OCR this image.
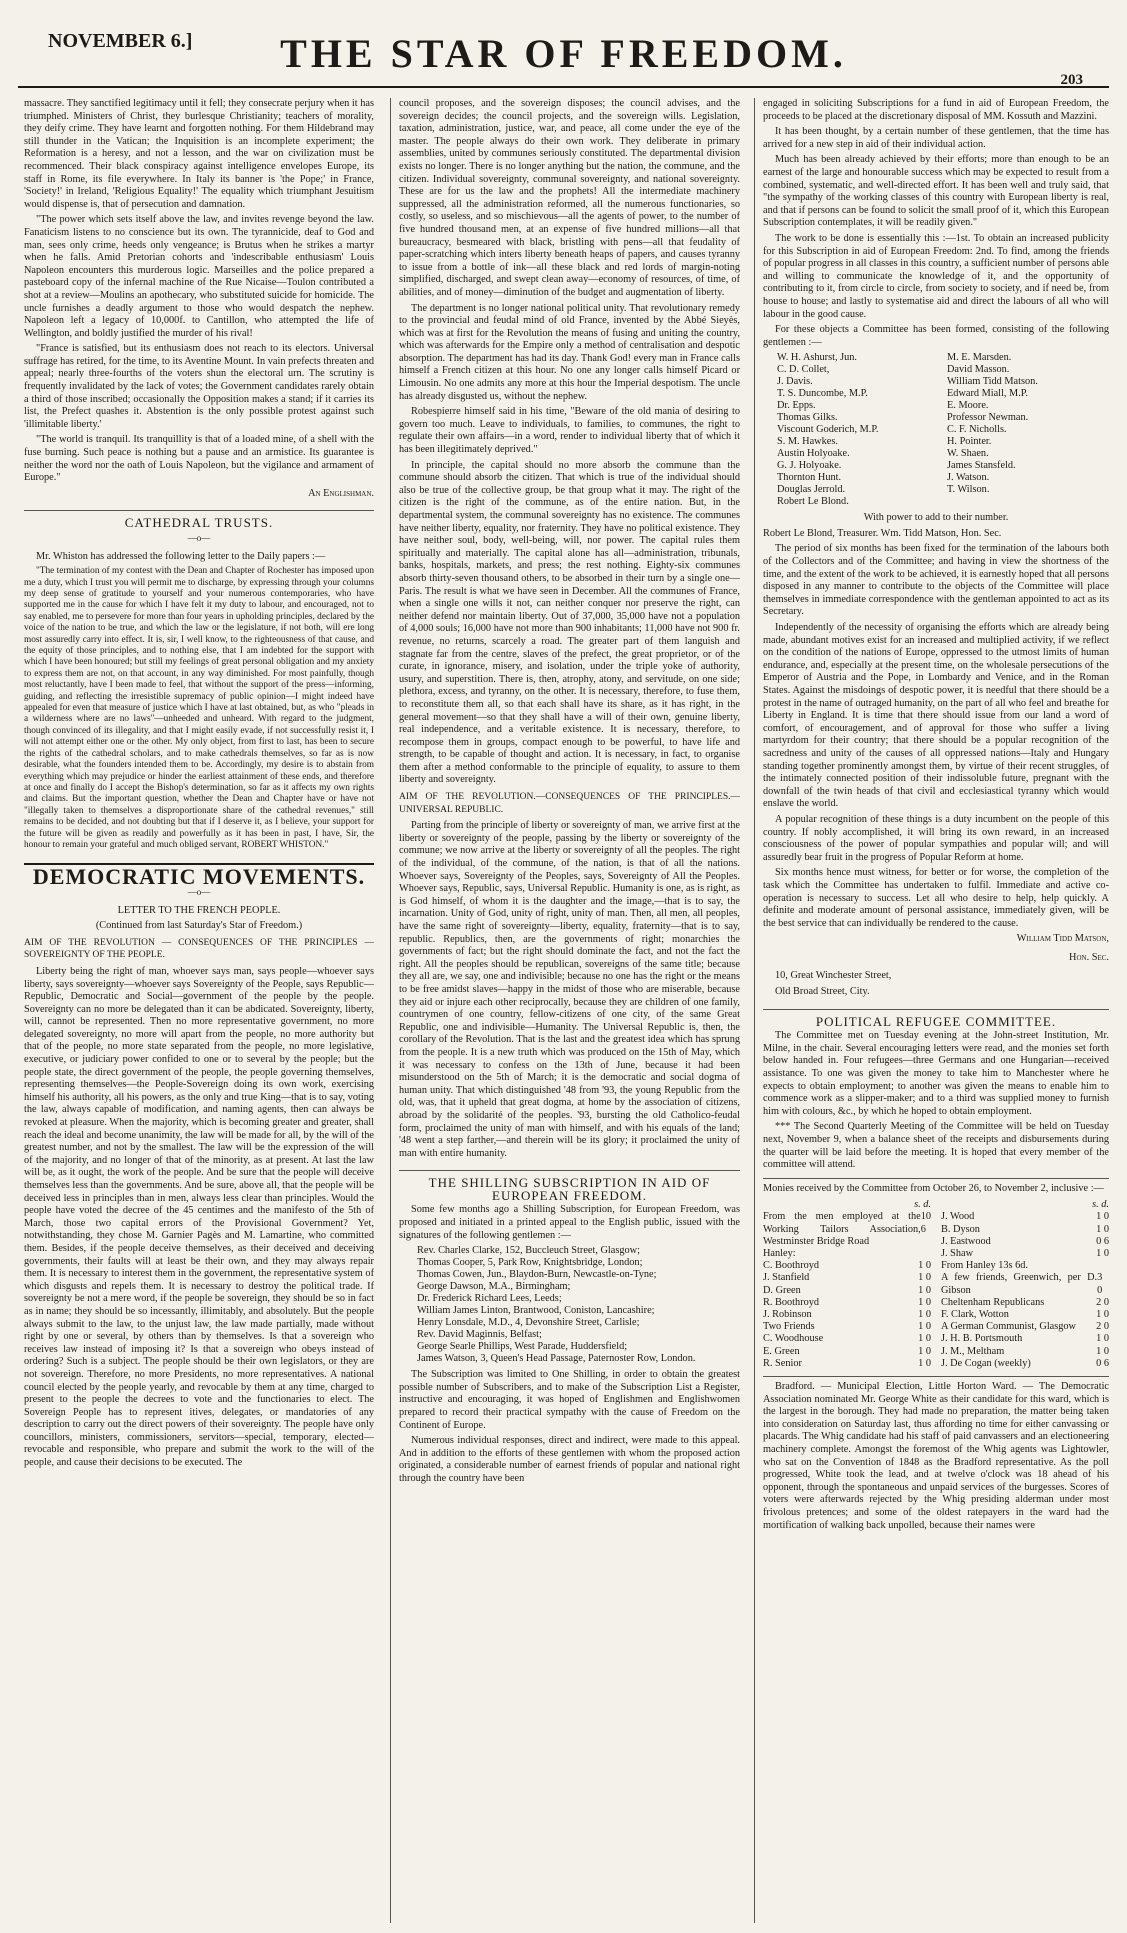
NOVEMBER 6.]	THE STAR OF FREEDOM.
203

massacre. They sanctified legitimacy until it fell; they consecrate perjury when it has triumphed. Ministers of Christ, they burlesque Christianity; teachers of morality, they deify crime. They have learnt and forgotten nothing. For them Hildebrand may still thunder in the Vatican; the Inquisition is an incomplete experiment; the Reformation is a heresy, and not a lesson, and the war on civilization must be recommenced. Their black conspiracy against intelligence envelopes Europe, its staff in Rome, its file everywhere. In Italy its banner is 'the Pope;' in France, 'Society!' in Ireland, 'Religious Equality!' The equality which triumphant Jesuitism would dispense is, that of persecution and damnation.

"The power which sets itself above the law, and invites revenge beyond the law. Fanaticism listens to no conscience but its own. The tyrannicide, deaf to God and man, sees only crime, heeds only vengeance; is Brutus when he strikes a martyr when he falls. Amid Pretorian cohorts and 'indescribable enthusiasm' Louis Napoleon encounters this murderous logic. Marseilles and the police prepared a pasteboard copy of the infernal machine of the Rue Nicaise—Toulon contributed a shot at a review—Moulins an apothecary, who substituted suicide for homicide. The uncle furnishes a deadly argument to those who would despatch the nephew. Napoleon left a legacy of 10,000f. to Cantillon, who attempted the life of Wellington, and boldly justified the murder of his rival!

"France is satisfied, but its enthusiasm does not reach to its electors. Universal suffrage has retired, for the time, to its Aventine Mount. In vain prefects threaten and appeal; nearly three-fourths of the voters shun the electoral urn. The scrutiny is frequently invalidated by the lack of votes; the Government candidates rarely obtain a third of those inscribed; occasionally the Opposition makes a stand; if it carries its list, the Prefect quashes it. Abstention is the only possible protest against such 'illimitable liberty.'

"The world is tranquil. Its tranquillity is that of a loaded mine, of a shell with the fuse burning. Such peace is nothing but a pause and an armistice. Its guarantee is neither the word nor the oath of Louis Napoleon, but the vigilance and armament of Europe."

An Englishman.
CATHEDRAL TRUSTS.
—o—

Mr. Whiston has addressed the following letter to the Daily papers :—

"The termination of my contest with the Dean and Chapter of Rochester has imposed upon me a duty, which I trust you will permit me to discharge, by expressing through your columns my deep sense of gratitude to yourself and your numerous contemporaries, who have supported me in the cause for which I have felt it my duty to labour, and encouraged, not to say enabled, me to persevere for more than four years in upholding principles, declared by the voice of the nation to be true, and which the law or the legislature, if not both, will ere long most assuredly carry into effect. It is, sir, I well know, to the righteousness of that cause, and the equity of those principles, and to nothing else, that I am indebted for the support with which I have been honoured; but still my feelings of great personal obligation and my anxiety to express them are not, on that account, in any way diminished. For most painfully, though most reluctantly, have I been made to feel, that without the support of the press—informing, guiding, and reflecting the irresistible supremacy of public opinion—I might indeed have appealed for even that measure of justice which I have at last obtained, but, as who "pleads in a wilderness where are no laws"—unheeded and unheard. With regard to the judgment, though convinced of its illegality, and that I might easily evade, if not successfully resist it, I will not attempt either one or the other. My only object, from first to last, has been to secure the rights of the cathedral scholars, and to make cathedrals themselves, so far as is now desirable, what the founders intended them to be. Accordingly, my desire is to abstain from everything which may prejudice or hinder the earliest attainment of these ends, and therefore at once and finally do I accept the Bishop's determination, so far as it affects my own rights and claims. But the important question, whether the Dean and Chapter have or have not "illegally taken to themselves a disproportionate share of the cathedral revenues," still remains to be decided, and not doubting but that if I deserve it, as I believe, your support for the future will be given as readily and powerfully as it has been in past, I have, Sir, the honour to remain your grateful and much obliged servant, ROBERT WHISTON."

DEMOCRATIC MOVEMENTS.
—o—

LETTER TO THE FRENCH PEOPLE.

(Continued from last Saturday's Star of Freedom.)

AIM OF THE REVOLUTION — CONSEQUENCES OF THE PRINCIPLES — SOVEREIGNTY OF THE PEOPLE.

Liberty being the right of man, whoever says man, says people—whoever says liberty, says sovereignty—whoever says Sovereignty of the People, says Republic—Republic, Democratic and Social—government of the people by the people. Sovereignty can no more be delegated than it can be abdicated. Sovereignty, liberty, will, cannot be represented. Then no more representative government, no more delegated sovereignty, no more will apart from the people, no more authority but that of the people, no more state separated from the people, no more legislative, executive, or judiciary power confided to one or to several by the people; but the people state, the direct government of the people, the people governing themselves, representing themselves—the People-Sovereign doing its own work, exercising himself his authority, all his powers, as the only and true King—that is to say, voting the law, always capable of modification, and naming agents, then can always be revoked at pleasure. When the majority, which is becoming greater and greater, shall reach the ideal and become unanimity, the law will be made for all, by the will of the greatest number, and not by the smallest. The law will be the expression of the will of the majority, and no longer of that of the minority, as at present. At last the law will be, as it ought, the work of the people. And be sure that the people will deceive themselves less than the governments. And be sure, above all, that the people will be deceived less in principles than in men, always less clear than principles. Would the people have voted the decree of the 45 centimes and the manifesto of the 5th of March, those two capital errors of the Provisional Government? Yet, notwithstanding, they chose M. Garnier Pagès and M. Lamartine, who committed them. Besides, if the people deceive themselves, as their deceived and deceiving governments, their faults will at least be their own, and they may always repair them. It is necessary to interest them in the government, the representative system of which disgusts and repels them. It is necessary to destroy the political trade. If sovereignty be not a mere word, if the people be sovereign, they should be so in fact as in name; they should be so incessantly, illimitably, and absolutely. But the people always submit to the law, to the unjust law, the law made partially, made without right by one or several, by others than by themselves. Is that a sovereign who receives law instead of imposing it? Is that a sovereign who obeys instead of ordering? Such is a subject. The people should be their own legislators, or they are not sovereign. Therefore, no more Presidents, no more representatives. A national council elected by the people yearly, and revocable by them at any time, charged to present to the people the decrees to vote and the functionaries to elect. The Sovereign People has to represent itives, delegates, or mandatories of any description to carry out the direct powers of their sovereignty. The people have only councillors, ministers, commissioners, servitors—special, temporary, elected—revocable and responsible, who prepare and submit the work to the will of the people, and cause their decisions to be executed. The

council proposes, and the sovereign disposes; the council advises, and the sovereign decides; the council projects, and the sovereign wills. Legislation, taxation, administration, justice, war, and peace, all come under the eye of the master. The people always do their own work. They deliberate in primary assemblies, united by communes seriously constituted. The departmental division exists no longer. There is no longer anything but the nation, the commune, and the citizen. Individual sovereignty, communal sovereignty, and national sovereignty. These are for us the law and the prophets! All the intermediate machinery suppressed, all the administration reformed, all the numerous functionaries, so costly, so useless, and so mischievous—all the agents of power, to the number of five hundred thousand men, at an expense of five hundred millions—all that bureaucracy, besmeared with black, bristling with pens—all that feudality of paper-scratching which inters liberty beneath heaps of papers, and causes tyranny to issue from a bottle of ink—all these black and red lords of margin-noting simplified, discharged, and swept clean away—economy of resources, of time, of abilities, and of money—diminution of the budget and augmentation of liberty.

The department is no longer national political unity. That revolutionary remedy to the provincial and feudal mind of old France, invented by the Abbé Sieyès, which was at first for the Revolution the means of fusing and uniting the country, which was afterwards for the Empire only a method of centralisation and despotic absorption. The department has had its day. Thank God! every man in France calls himself a French citizen at this hour. No one any longer calls himself Picard or Limousin. No one admits any more at this hour the Imperial despotism. The uncle has already disgusted us, without the nephew.

Robespierre himself said in his time, "Beware of the old mania of desiring to govern too much. Leave to individuals, to families, to communes, the right to regulate their own affairs—in a word, render to individual liberty that of which it has been illegitimately deprived."

In principle, the capital should no more absorb the commune than the commune should absorb the citizen. That which is true of the individual should also be true of the collective group, be that group what it may. The right of the citizen is the right of the commune, as of the entire nation. But, in the departmental system, the communal sovereignty has no existence. The communes have neither liberty, equality, nor fraternity. They have no political existence. They have neither soul, body, well-being, will, nor power. The capital rules them spiritually and materially. The capital alone has all—administration, tribunals, banks, hospitals, markets, and press; the rest nothing. Eighty-six communes absorb thirty-seven thousand others, to be absorbed in their turn by a single one—Paris. The result is what we have seen in December. All the communes of France, when a single one wills it not, can neither conquer nor preserve the right, can neither defend nor maintain liberty. Out of 37,000, 35,000 have not a population of 4,000 souls; 16,000 have not more than 900 inhabitants; 11,000 have not 900 fr. revenue, no returns, scarcely a road. The greater part of them languish and stagnate far from the centre, slaves of the prefect, the great proprietor, or of the curate, in ignorance, misery, and isolation, under the triple yoke of authority, usury, and superstition. There is, then, atrophy, atony, and servitude, on one side; plethora, excess, and tyranny, on the other. It is necessary, therefore, to fuse them, to reconstitute them all, so that each shall have its share, as it has right, in the general movement—so that they shall have a will of their own, genuine liberty, real independence, and a veritable existence. It is necessary, therefore, to recompose them in groups, compact enough to be powerful, to have life and strength, to be capable of thought and action. It is necessary, in fact, to organise them after a method conformable to the principle of equality, to assure to them liberty and sovereignty.

AIM OF THE REVOLUTION.—CONSEQUENCES OF THE PRINCIPLES.—UNIVERSAL REPUBLIC.

Parting from the principle of liberty or sovereignty of man, we arrive first at the liberty or sovereignty of the people, passing by the liberty or sovereignty of the commune; we now arrive at the liberty or sovereignty of all the peoples. The right of the individual, of the commune, of the nation, is that of all the nations. Whoever says, Sovereignty of the Peoples, says, Sovereignty of All the Peoples. Whoever says, Republic, says, Universal Republic. Humanity is one, as is right, as is God himself, of whom it is the daughter and the image,—that is to say, the incarnation. Unity of God, unity of right, unity of man. Then, all men, all peoples, have the same right of sovereignty—liberty, equality, fraternity—that is to say, republic. Republics, then, are the governments of right; monarchies the governments of fact; but the right should dominate the fact, and not the fact the right. All the peoples should be republican, sovereigns of the same title; because they all are, we say, one and indivisible; because no one has the right or the means to be free amidst slaves—happy in the midst of those who are miserable, because they aid or injure each other reciprocally, because they are children of one family, countrymen of one country, fellow-citizens of one city, of the same Great Republic, one and indivisible—Humanity. The Universal Republic is, then, the corollary of the Revolution. That is the last and the greatest idea which has sprung from the people. It is a new truth which was produced on the 15th of May, which it was necessary to confess on the 13th of June, because it had been misunderstood on the 5th of March; it is the democratic and social dogma of human unity. That which distinguished '48 from '93, the young Republic from the old, was, that it upheld that great dogma, at home by the association of citizens, abroad by the solidarité of the peoples. '93, bursting the old Catholico-feudal form, proclaimed the unity of man with himself, and with his equals of the land; '48 went a step farther,—and therein will be its glory; it proclaimed the unity of man with entire humanity.

THE SHILLING SUBSCRIPTION IN AID OF EUROPEAN FREEDOM.

Some few months ago a Shilling Subscription, for European Freedom, was proposed and initiated in a printed appeal to the English public, issued with the signatures of the following gentlemen :—

Rev. Charles Clarke, 152, Buccleuch Street, Glasgow;
Thomas Cooper, 5, Park Row, Knightsbridge, London;
Thomas Cowen, Jun., Blaydon-Burn, Newcastle-on-Tyne;
George Dawson, M.A., Birmingham;
Dr. Frederick Richard Lees, Leeds;
William James Linton, Brantwood, Coniston, Lancashire;
Henry Lonsdale, M.D., 4, Devonshire Street, Carlisle;
Rev. David Maginnis, Belfast;
George Searle Phillips, West Parade, Huddersfield;
James Watson, 3, Queen's Head Passage, Paternoster Row, London.

The Subscription was limited to One Shilling, in order to obtain the greatest possible number of Subscribers, and to make of the Subscription List a Register, instructive and encouraging, it was hoped of Englishmen and Englishwomen prepared to record their practical sympathy with the cause of Freedom on the Continent of Europe.

Numerous individual responses, direct and indirect, were made to this appeal. And in addition to the efforts of these gentlemen with whom the proposed action originated, a considerable number of earnest friends of popular and national right through the country have been

engaged in soliciting Subscriptions for a fund in aid of European Freedom, the proceeds to be placed at the discretionary disposal of MM. Kossuth and Mazzini.

It has been thought, by a certain number of these gentlemen, that the time has arrived for a new step in aid of their individual action.

Much has been already achieved by their efforts; more than enough to be an earnest of the large and honourable success which may be expected to result from a combined, systematic, and well-directed effort. It has been well and truly said, that "the sympathy of the working classes of this country with European liberty is real, and that if persons can be found to solicit the small proof of it, which this European Subscription contemplates, it will be readily given."

The work to be done is essentially this :—1st. To obtain an increased publicity for this Subscription in aid of European Freedom: 2nd. To find, among the friends of popular progress in all classes in this country, a sufficient number of persons able and willing to communicate the knowledge of it, and the opportunity of contributing to it, from circle to circle, from society to society, and if need be, from house to house; and lastly to systematise aid and direct the labours of all who will labour in the good cause.

For these objects a Committee has been formed, consisting of the following gentlemen :—

W. H. Ashurst, Jun.
C. D. Collet,
J. Davis.
T. S. Duncombe, M.P.
Dr. Epps.
Thomas Gilks.
Viscount Goderich, M.P.
S. M. Hawkes.
Austin Holyoake.
G. J. Holyoake.
Thornton Hunt.
Douglas Jerrold.
Robert Le Blond.
M. E. Marsden.
David Masson.
William Tidd Matson.
Edward Miall, M.P.
E. Moore.
Professor Newman.
C. F. Nicholls.
H. Pointer.
W. Shaen.
James Stansfeld.
J. Watson.
T. Wilson.

With power to add to their number.

Robert Le Blond, Treasurer. Wm. Tidd Matson, Hon. Sec.

The period of six months has been fixed for the termination of the labours both of the Collectors and of the Committee; and having in view the shortness of the time, and the extent of the work to be achieved, it is earnestly hoped that all persons disposed in any manner to contribute to the objects of the Committee will place themselves in immediate correspondence with the gentleman appointed to act as its Secretary.

Independently of the necessity of organising the efforts which are already being made, abundant motives exist for an increased and multiplied activity, if we reflect on the condition of the nations of Europe, oppressed to the utmost limits of human endurance, and, especially at the present time, on the wholesale persecutions of the Emperor of Austria and the Pope, in Lombardy and Venice, and in the Roman States. Against the misdoings of despotic power, it is needful that there should be a protest in the name of outraged humanity, on the part of all who feel and breathe for Liberty in England. It is time that there should issue from our land a word of comfort, of encouragement, and of approval for those who suffer a living martyrdom for their country; that there should be a popular recognition of the sacredness and unity of the causes of all oppressed nations—Italy and Hungary standing together prominently amongst them, by virtue of their recent struggles, of the intimately connected position of their indissoluble future, pregnant with the downfall of the twin heads of that civil and ecclesiastical tyranny which would enslave the world.

A popular recognition of these things is a duty incumbent on the people of this country. If nobly accomplished, it will bring its own reward, in an increased consciousness of the power of popular sympathies and popular will; and will assuredly bear fruit in the progress of Popular Reform at home.

Six months hence must witness, for better or for worse, the completion of the task which the Committee has undertaken to fulfil. Immediate and active co-operation is necessary to success. Let all who desire to help, help quickly. A definite and moderate amount of personal assistance, immediately given, will be the best service that can individually be rendered to the cause.

William Tidd Matson,
Hon. Sec.

10, Great Winchester Street,

Old Broad Street, City.

POLITICAL REFUGEE COMMITTEE.

The Committee met on Tuesday evening at the John-street Institution, Mr. Milne, in the chair. Several encouraging letters were read, and the monies set forth below handed in. Four refugees—three Germans and one Hungarian—received assistance. To one was given the money to take him to Manchester where he expects to obtain employment; to another was given the means to enable him to commence work as a slipper-maker; and to a third was supplied money to furnish him with colours, &c., by which he hoped to obtain employment.

*** The Second Quarterly Meeting of the Committee will be held on Tuesday next, November 9, when a balance sheet of the receipts and disbursements during the quarter will be laid before the meeting. It is hoped that every member of the committee will attend.

Monies received by the Committee from October 26, to November 2, inclusive :—

s. d.
From the men employed at the Working Tailors Association, Westminster Bridge Road
10 6
Hanley:
C. Boothroyd	1 0
J. Stanfield	1 0
D. Green	1 0
R. Boothroyd	1 0
J. Robinson	1 0
Two Friends	1 0
C. Woodhouse	1 0
E. Green	1 0
R. Senior	1 0
s. d.
J. Wood	1 0
B. Dyson	1 0
J. Eastwood	0 6
J. Shaw	1 0
From Hanley 13s 6d.
A few friends, Greenwich, per D. Gibson
3 0
Cheltenham Republicans	2 0
F. Clark, Wotton	1 0
A German Communist, Glasgow 2 0
J. H. B. Portsmouth	1 0
J. M., Meltham	1 0
J. De Cogan (weekly)	0 6

Bradford. — Municipal Election, Little Horton Ward. — The Democratic Association nominated Mr. George White as their candidate for this ward, which is the largest in the borough. They had made no preparation, the matter being taken into consideration on Saturday last, thus affording no time for either canvassing or placards. The Whig candidate had his staff of paid canvassers and an electioneering machinery complete. Amongst the foremost of the Whig agents was Lightowler, who sat on the Convention of 1848 as the Bradford representative. As the poll progressed, White took the lead, and at twelve o'clock was 18 ahead of his opponent, through the spontaneous and unpaid services of the burgesses. Scores of voters were afterwards rejected by the Whig presiding alderman under most frivolous pretences; and some of the oldest ratepayers in the ward had the mortification of walking back unpolled, because their names were
